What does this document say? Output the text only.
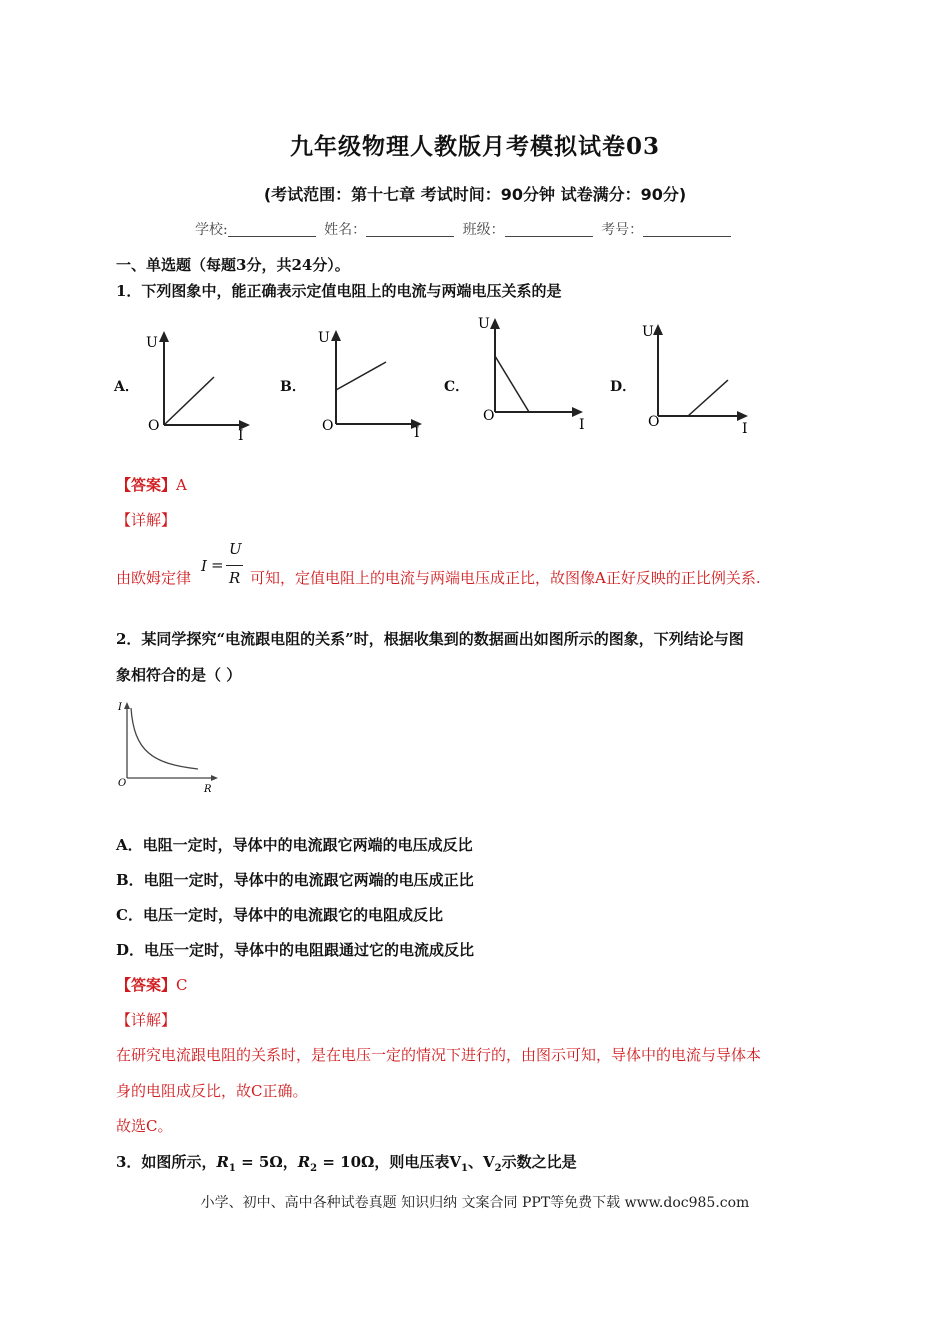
九年级物理人教版月考模拟试卷03
(考试范围：第十七章 考试时间：90分钟 试卷满分：90分)
学校:	姓名：	班级：	考号：
一、单选题（每题3分，共24分）。
1．下列图象中，能正确表示定值电阻上的电流与两端电压关系的是
A．	B．	C．	D．
U
O
I
U
O	I
U
O
I
U
O	I
【答案】A
【详解】
由欧姆定律
I =
U
R 可知，定值电阻上的电流与两端电压成正比，故图像A正好反映的正比例关系.
2．某同学探究“电流跟电阻的关系”时，根据收集到的数据画出如图所示的图象，下列结论与图
象相符合的是（ ）
I
O
R
A．电阻一定时，导体中的电流跟它两端的电压成反比
B．电阻一定时，导体中的电流跟它两端的电压成正比
C．电压一定时，导体中的电流跟它的电阻成反比
D．电压一定时，导体中的电阻跟通过它的电流成反比
【答案】C
【详解】
在研究电流跟电阻的关系时，是在电压一定的情况下进行的，由图示可知，导体中的电流与导体本
身的电阻成反比，故C正确。
故选C。
3．如图所示，$R_1 = 5\Omega$，$R_2 = 10\Omega$，则电压表$V_1$、$V_2$示数之比是
小学、初中、高中各种试卷真题 知识归纳 文案合同 PPT等免费下载 www.doc985.com
